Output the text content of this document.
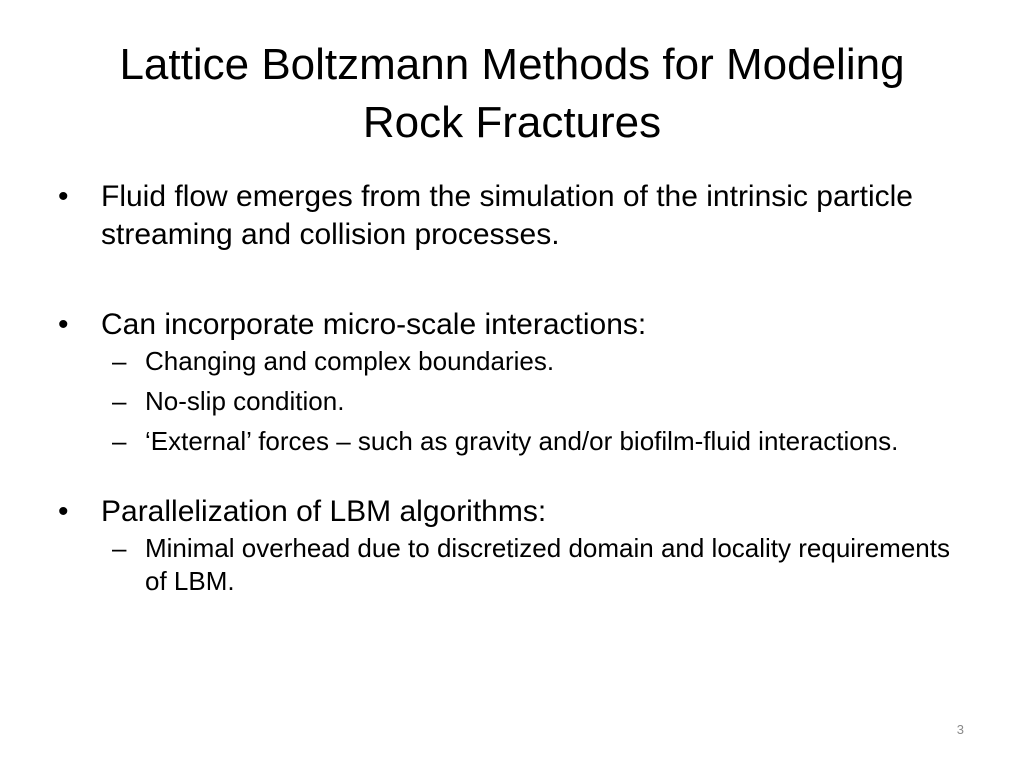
Lattice Boltzmann Methods for Modeling Rock Fractures
• Fluid flow emerges from the simulation of the intrinsic particle streaming and collision processes.
• Can incorporate micro-scale interactions:
– Changing and complex boundaries.
– No-slip condition.
– ‘External’ forces – such as gravity and/or biofilm-fluid interactions.
• Parallelization of LBM algorithms:
– Minimal overhead due to discretized domain and locality requirements of LBM.
3
